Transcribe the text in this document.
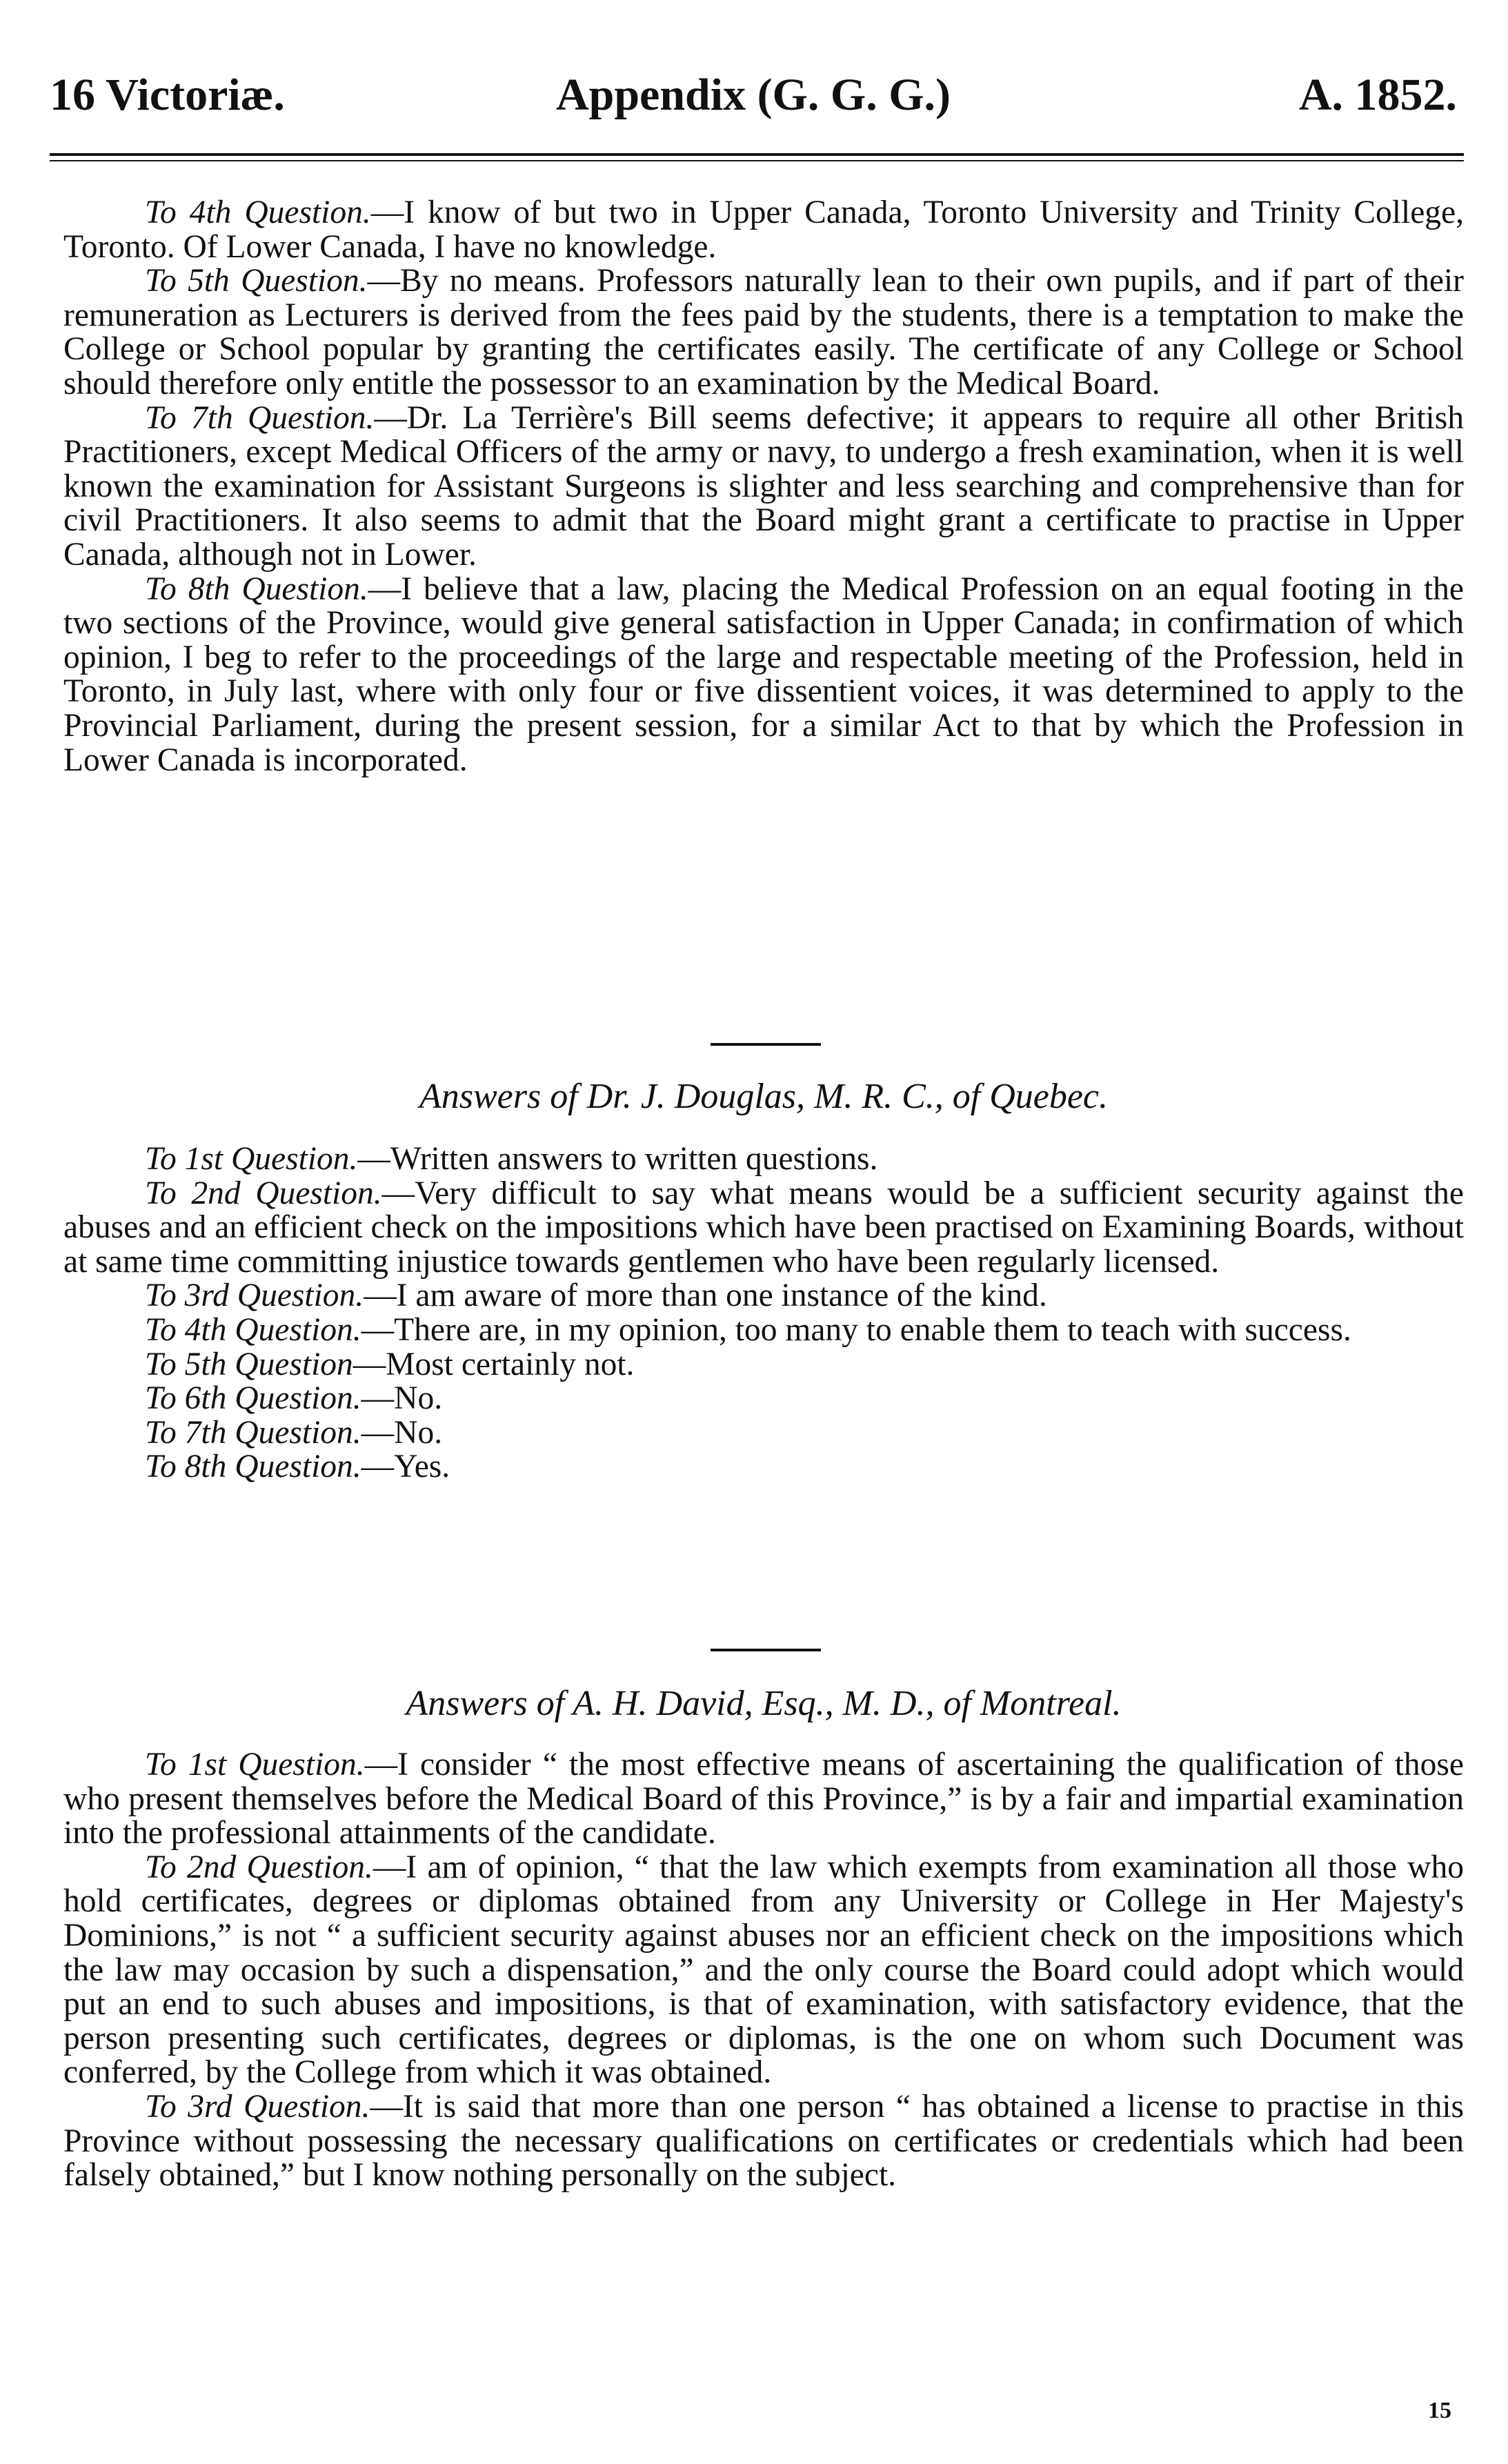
16 Victoriæ.	Appendix (G. G. G.)	A. 1852.

To 4th Question.—I know of but two in Upper Canada, Toronto University and Trinity College, Toronto. Of Lower Canada, I have no knowledge.

To 5th Question.—By no means. Professors naturally lean to their own pupils, and if part of their remuneration as Lecturers is derived from the fees paid by the students, there is a temptation to make the College or School popular by granting the certificates easily. The certificate of any College or School should therefore only entitle the possessor to an examination by the Medical Board.

To 7th Question.—Dr. La Terrière's Bill seems defective; it appears to require all other British Practitioners, except Medical Officers of the army or navy, to undergo a fresh examination, when it is well known the examination for Assistant Surgeons is slighter and less searching and comprehensive than for civil Practitioners. It also seems to admit that the Board might grant a certificate to practise in Upper Canada, although not in Lower.

To 8th Question.—I believe that a law, placing the Medical Profession on an equal footing in the two sections of the Province, would give general satisfaction in Upper Canada; in confirmation of which opinion, I beg to refer to the proceedings of the large and respectable meeting of the Profession, held in Toronto, in July last, where with only four or five dissentient voices, it was determined to apply to the Provincial Parliament, during the present session, for a similar Act to that by which the Profession in Lower Canada is incorporated.

Answers of Dr. J. Douglas, M. R. C., of Quebec.

To 1st Question.—Written answers to written questions.

To 2nd Question.—Very difficult to say what means would be a sufficient security against the abuses and an efficient check on the impositions which have been practised on Examining Boards, without at same time committing injustice towards gentlemen who have been regularly licensed.

To 3rd Question.—I am aware of more than one instance of the kind.

To 4th Question.—There are, in my opinion, too many to enable them to teach with success.

To 5th Question—Most certainly not.

To 6th Question.—No.

To 7th Question.—No.

To 8th Question.—Yes.

Answers of A. H. David, Esq., M. D., of Montreal.

To 1st Question.—I consider “ the most effective means of ascertaining the qualification of those who present themselves before the Medical Board of this Province,” is by a fair and impartial examination into the professional attainments of the candidate.

To 2nd Question.—I am of opinion, “ that the law which exempts from examination all those who hold certificates, degrees or diplomas obtained from any University or College in Her Majesty's Dominions,” is not “ a sufficient security against abuses nor an efficient check on the impositions which the law may occasion by such a dispensation,” and the only course the Board could adopt which would put an end to such abuses and impositions, is that of examination, with satisfactory evidence, that the person presenting such certificates, degrees or diplomas, is the one on whom such Document was conferred, by the College from which it was obtained.

To 3rd Question.—It is said that more than one person “ has obtained a license to practise in this Province without possessing the necessary qualifications on certificates or credentials which had been falsely obtained,” but I know nothing personally on the subject.

15
